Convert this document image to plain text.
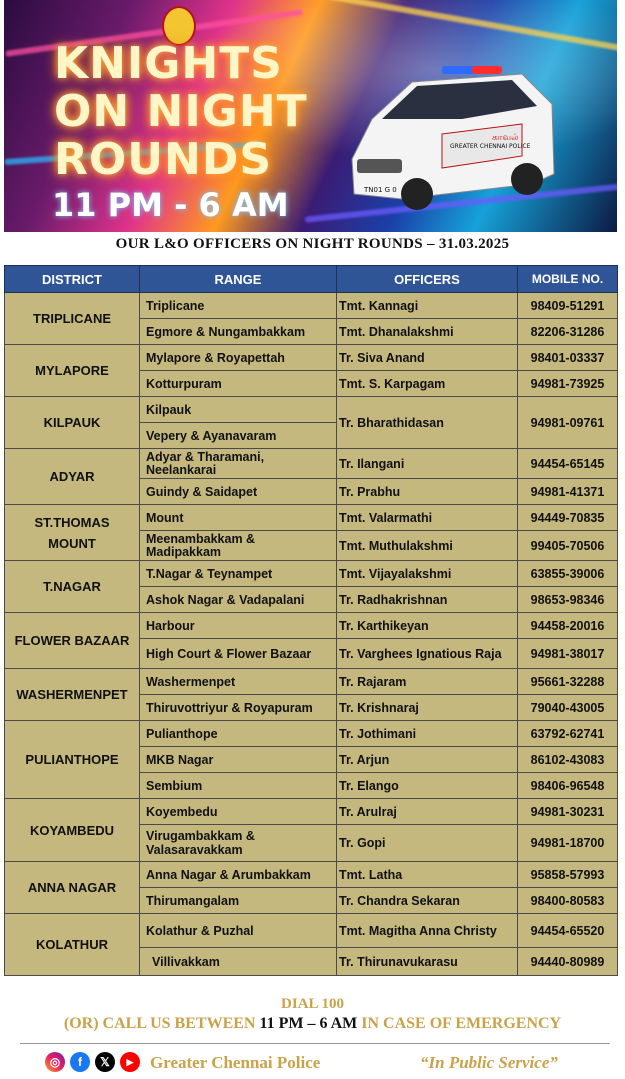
KNIGHTS
ON NIGHT
ROUNDS
11 PM - 6 AM	TN01 G 0
GREATER CHENNAI POLICE
காவல்
OUR L&O OFFICERS ON NIGHT ROUNDS – 31.03.2025
DISTRICT	RANGE	OFFICERS	MOBILE NO.
TRIPLICANE	Triplicane	Tmt. Kannagi	98409-51291
	Egmore & Nungambakkam	Tmt. Dhanalakshmi	82206-31286
MYLAPORE	Mylapore & Royapettah	Tr. Siva Anand	98401-03337
	Kotturpuram	Tmt. S. Karpagam	94981-73925
KILPAUK	Kilpauk	Tr. Bharathidasan	94981-09761
	Vepery & Ayanavaram		
ADYAR	Adyar & Tharamani, Neelankarai	Tr. Ilangani	94454-65145
	Guindy & Saidapet	Tr. Prabhu	94981-41371
ST.THOMAS MOUNT	Mount	Tmt. Valarmathi	94449-70835
	Meenambakkam & Madipakkam	Tmt. Muthulakshmi	99405-70506
T.NAGAR	T.Nagar & Teynampet	Tmt. Vijayalakshmi	63855-39006
	Ashok Nagar & Vadapalani	Tr. Radhakrishnan	98653-98346
FLOWER BAZAAR	Harbour	Tr. Karthikeyan	94458-20016
	High Court & Flower Bazaar	Tr. Varghees Ignatious Raja	94981-38017
WASHERMENPET	Washermenpet	Tr. Rajaram	95661-32288
	Thiruvottriyur & Royapuram	Tr. Krishnaraj	79040-43005
PULIANTHOPE	Pulianthope	Tr. Jothimani	63792-62741
	MKB Nagar	Tr. Arjun	86102-43083
	Sembium	Tr. Elango	98406-96548
KOYAMBEDU	Koyembedu	Tr. Arulraj	94981-30231
	Virugambakkam & Valasaravakkam	Tr. Gopi	94981-18700
ANNA NAGAR	Anna Nagar & Arumbakkam	Tmt. Latha	95858-57993
	Thirumangalam	Tr. Chandra Sekaran	98400-80583
KOLATHUR	Kolathur & Puzhal	Tmt. Magitha Anna Christy	94454-65520
	Villivakkam	Tr. Thirunavukarasu	94440-80989
DIAL 100
(OR) CALL US BETWEEN 11 PM – 6 AM IN CASE OF EMERGENCY
◎	f	𝕏	▶ Greater Chennai Police	“In Public Service”
